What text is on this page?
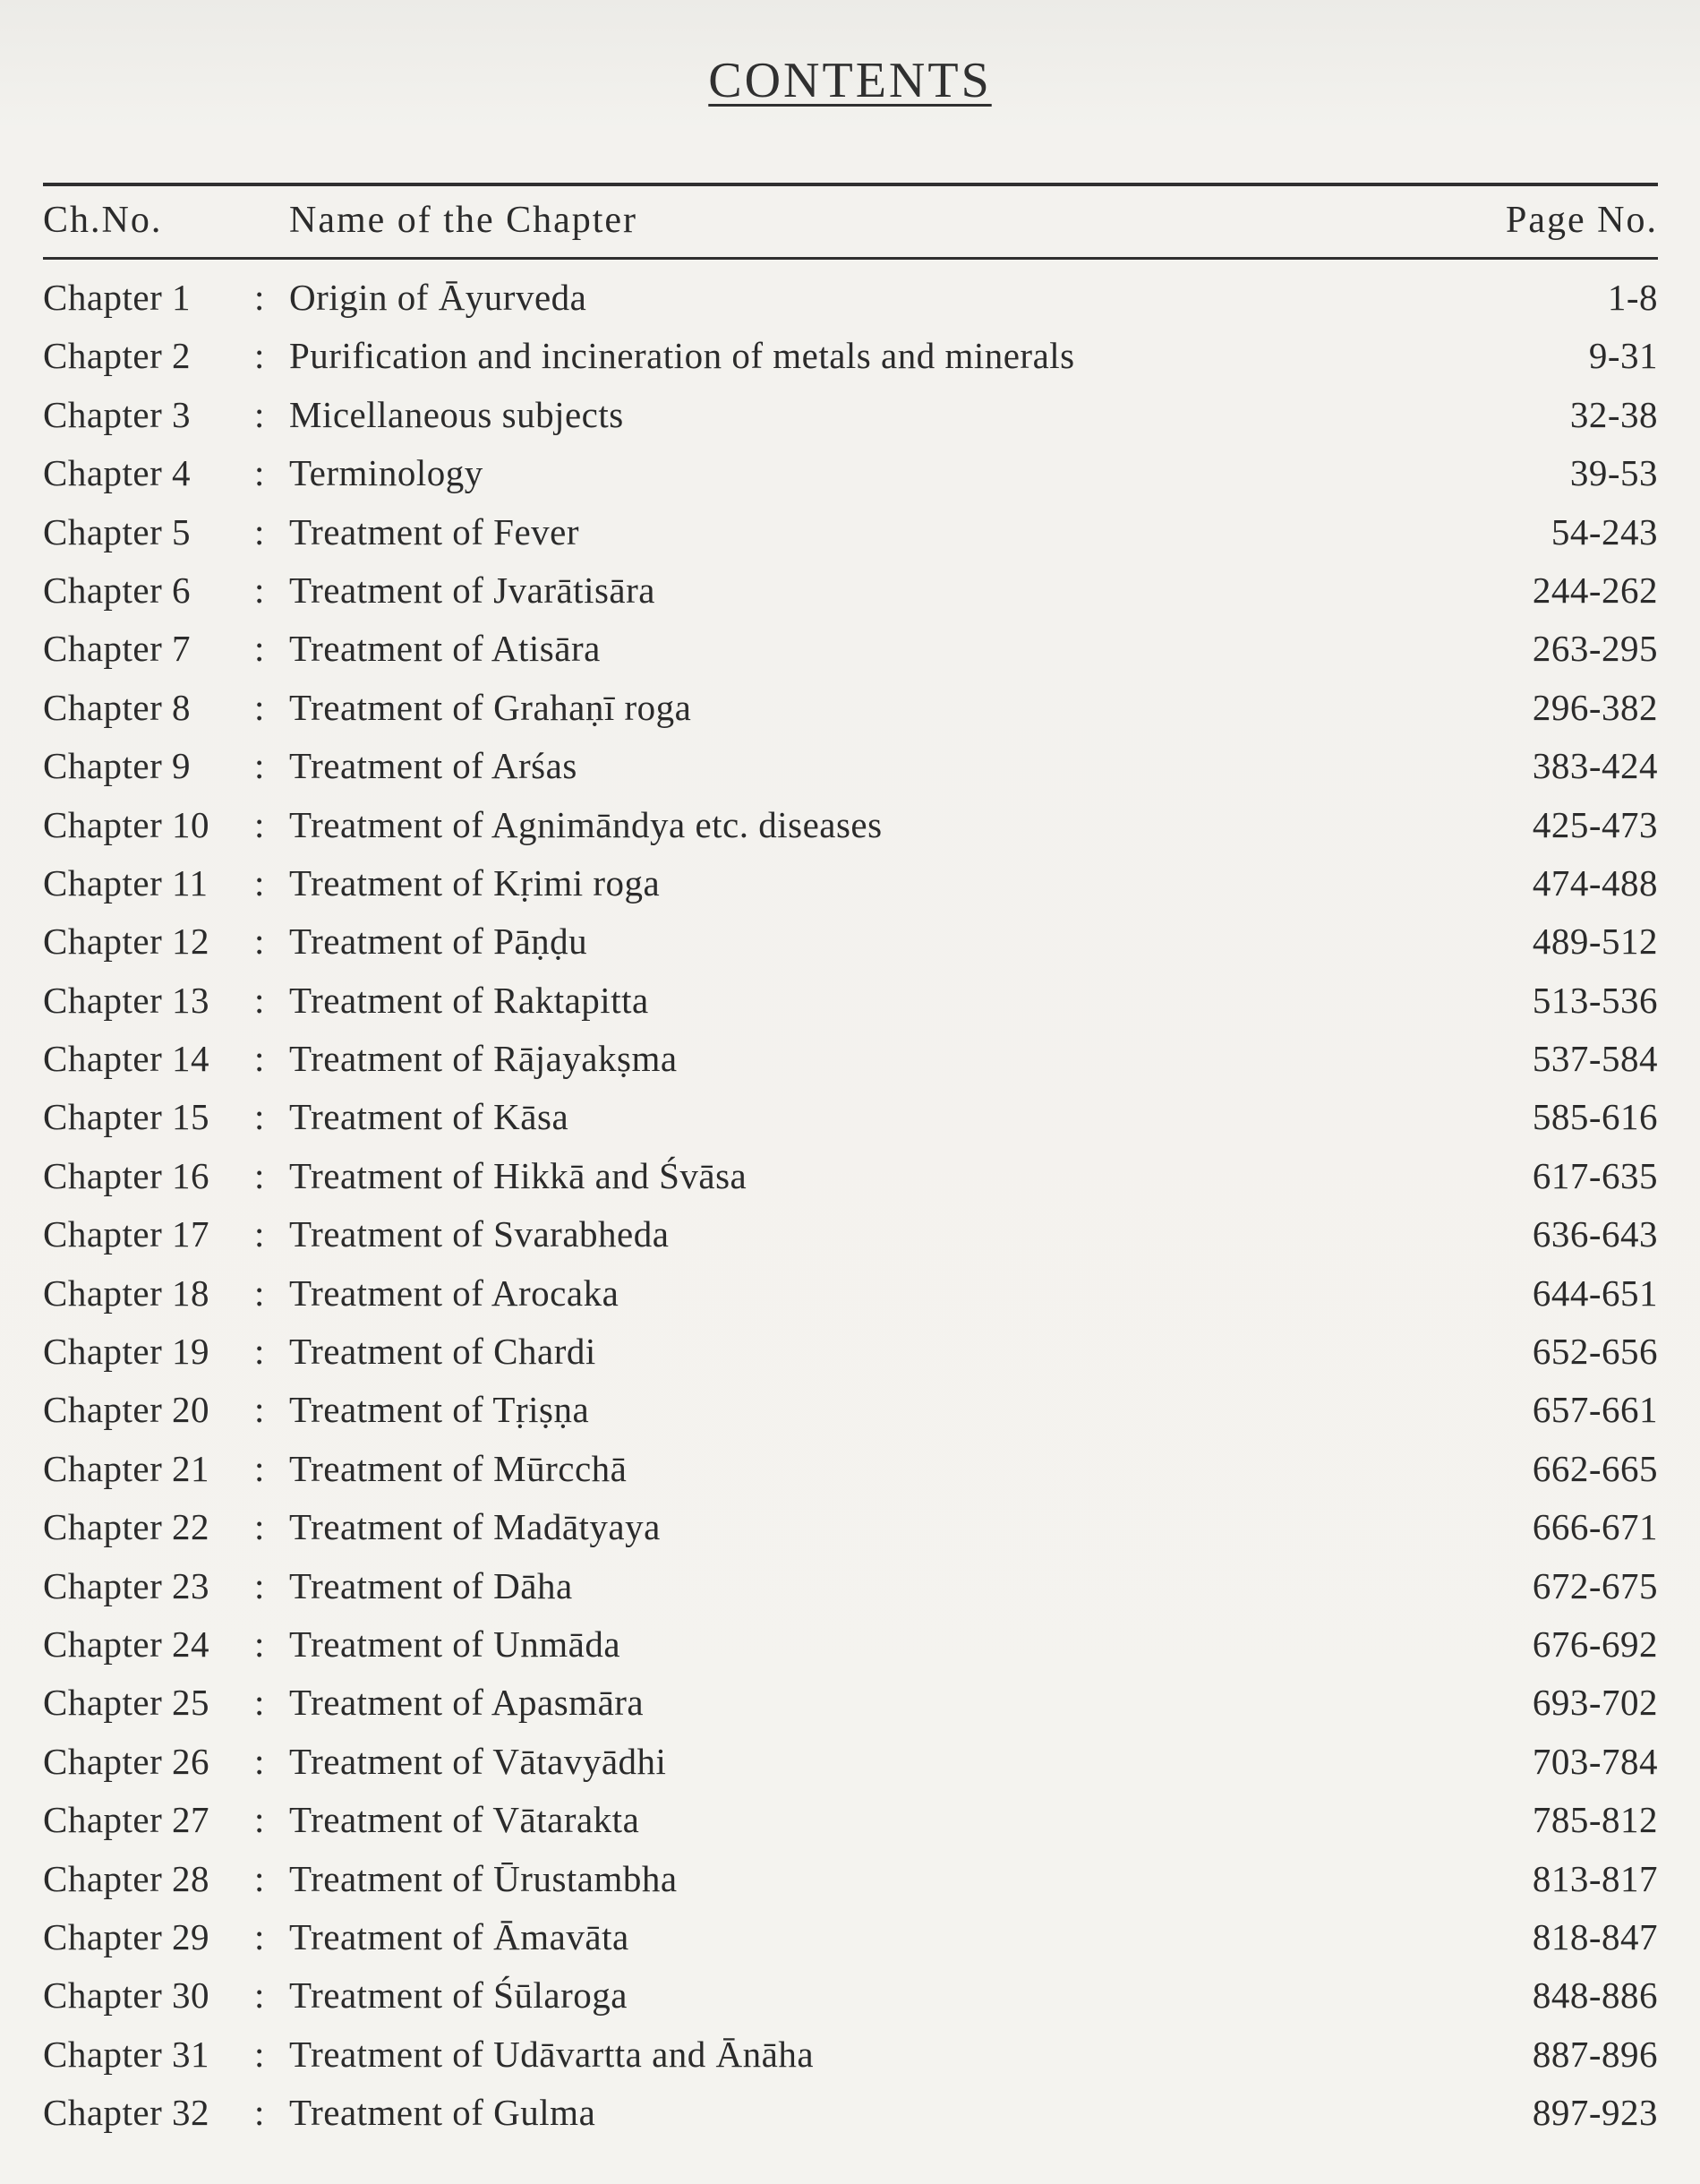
CONTENTS
Ch.No.	Name of the Chapter	Page No.
Chapter 1 : Origin of Āyurveda	1-8
Chapter 2 : Purification and incineration of metals and minerals	9-31
Chapter 3 : Micellaneous subjects	32-38
Chapter 4 : Terminology	39-53
Chapter 5 : Treatment of Fever	54-243
Chapter 6 : Treatment of Jvarātisāra	244-262
Chapter 7 : Treatment of Atisāra	263-295
Chapter 8 : Treatment of Grahaṇī roga	296-382
Chapter 9 : Treatment of Arśas	383-424
Chapter 10 : Treatment of Agnimāndya etc. diseases	425-473
Chapter 11 : Treatment of Kṛimi roga	474-488
Chapter 12 : Treatment of Pāṇḍu	489-512
Chapter 13 : Treatment of Raktapitta	513-536
Chapter 14 : Treatment of Rājayakṣma	537-584
Chapter 15 : Treatment of Kāsa	585-616
Chapter 16 : Treatment of Hikkā and Śvāsa	617-635
Chapter 17 : Treatment of Svarabheda	636-643
Chapter 18 : Treatment of Arocaka	644-651
Chapter 19 : Treatment of Chardi	652-656
Chapter 20 : Treatment of Tṛiṣṇa	657-661
Chapter 21 : Treatment of Mūrcchā	662-665
Chapter 22 : Treatment of Madātyaya	666-671
Chapter 23 : Treatment of Dāha	672-675
Chapter 24 : Treatment of Unmāda	676-692
Chapter 25 : Treatment of Apasmāra	693-702
Chapter 26 : Treatment of Vātavyādhi	703-784
Chapter 27 : Treatment of Vātarakta	785-812
Chapter 28 : Treatment of Ūrustambha	813-817
Chapter 29 : Treatment of Āmavāta	818-847
Chapter 30 : Treatment of Śūlaroga	848-886
Chapter 31 : Treatment of Udāvartta and Ānāha	887-896
Chapter 32 : Treatment of Gulma	897-923
